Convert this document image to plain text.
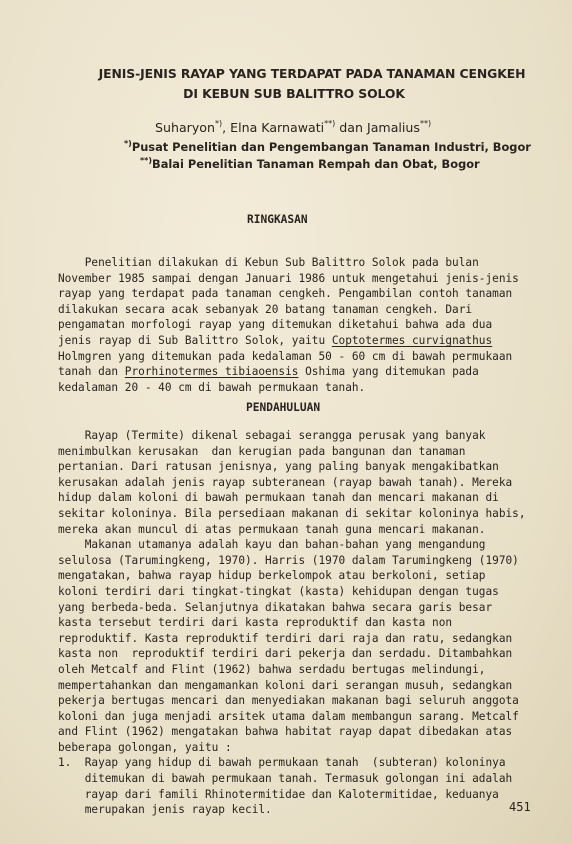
JENIS-JENIS RAYAP YANG TERDAPAT PADA TANAMAN CENGKEH
DI KEBUN SUB BALITTRO SOLOK
Suharyon*), Elna Karnawati**) dan Jamalius**)
*)Pusat Penelitian dan Pengembangan Tanaman Industri, Bogor
**)Balai Penelitian Tanaman Rempah dan Obat, Bogor
RINGKASAN
Penelitian dilakukan di Kebun Sub Balittro Solok pada bulan
November 1985 sampai dengan Januari 1986 untuk mengetahui jenis-jenis
rayap yang terdapat pada tanaman cengkeh. Pengambilan contoh tanaman
dilakukan secara acak sebanyak 20 batang tanaman cengkeh. Dari
pengamatan morfologi rayap yang ditemukan diketahui bahwa ada dua
jenis rayap di Sub Balittro Solok, yaitu Coptotermes curvignathus
Holmgren yang ditemukan pada kedalaman 50 - 60 cm di bawah permukaan
tanah dan Prorhinotermes tibiaoensis Oshima yang ditemukan pada
kedalaman 20 - 40 cm di bawah permukaan tanah.
PENDAHULUAN
Rayap (Termite) dikenal sebagai serangga perusak yang banyak
menimbulkan kerusakan  dan kerugian pada bangunan dan tanaman
pertanian. Dari ratusan jenisnya, yang paling banyak mengakibatkan
kerusakan adalah jenis rayap subteranean (rayap bawah tanah). Mereka
hidup dalam koloni di bawah permukaan tanah dan mencari makanan di
sekitar koloninya. Bila persediaan makanan di sekitar koloninya habis,
mereka akan muncul di atas permukaan tanah guna mencari makanan.
Makanan utamanya adalah kayu dan bahan-bahan yang mengandung
selulosa (Tarumingkeng, 1970). Harris (1970 dalam Tarumingkeng (1970)
mengatakan, bahwa rayap hidup berkelompok atau berkoloni, setiap
koloni terdiri dari tingkat-tingkat (kasta) kehidupan dengan tugas
yang berbeda-beda. Selanjutnya dikatakan bahwa secara garis besar
kasta tersebut terdiri dari kasta reproduktif dan kasta non
reproduktif. Kasta reproduktif terdiri dari raja dan ratu, sedangkan
kasta non  reproduktif terdiri dari pekerja dan serdadu. Ditambahkan
oleh Metcalf and Flint (1962) bahwa serdadu bertugas melindungi,
mempertahankan dan mengamankan koloni dari serangan musuh, sedangkan
pekerja bertugas mencari dan menyediakan makanan bagi seluruh anggota
koloni dan juga menjadi arsitek utama dalam membangun sarang. Metcalf
and Flint (1962) mengatakan bahwa habitat rayap dapat dibedakan atas
beberapa golongan, yaitu :
1.  Rayap yang hidup di bawah permukaan tanah  (subteran) koloninya
ditemukan di bawah permukaan tanah. Termasuk golongan ini adalah
rayap dari famili Rhinotermitidae dan Kalotermitidae, keduanya
merupakan jenis rayap kecil.	451
